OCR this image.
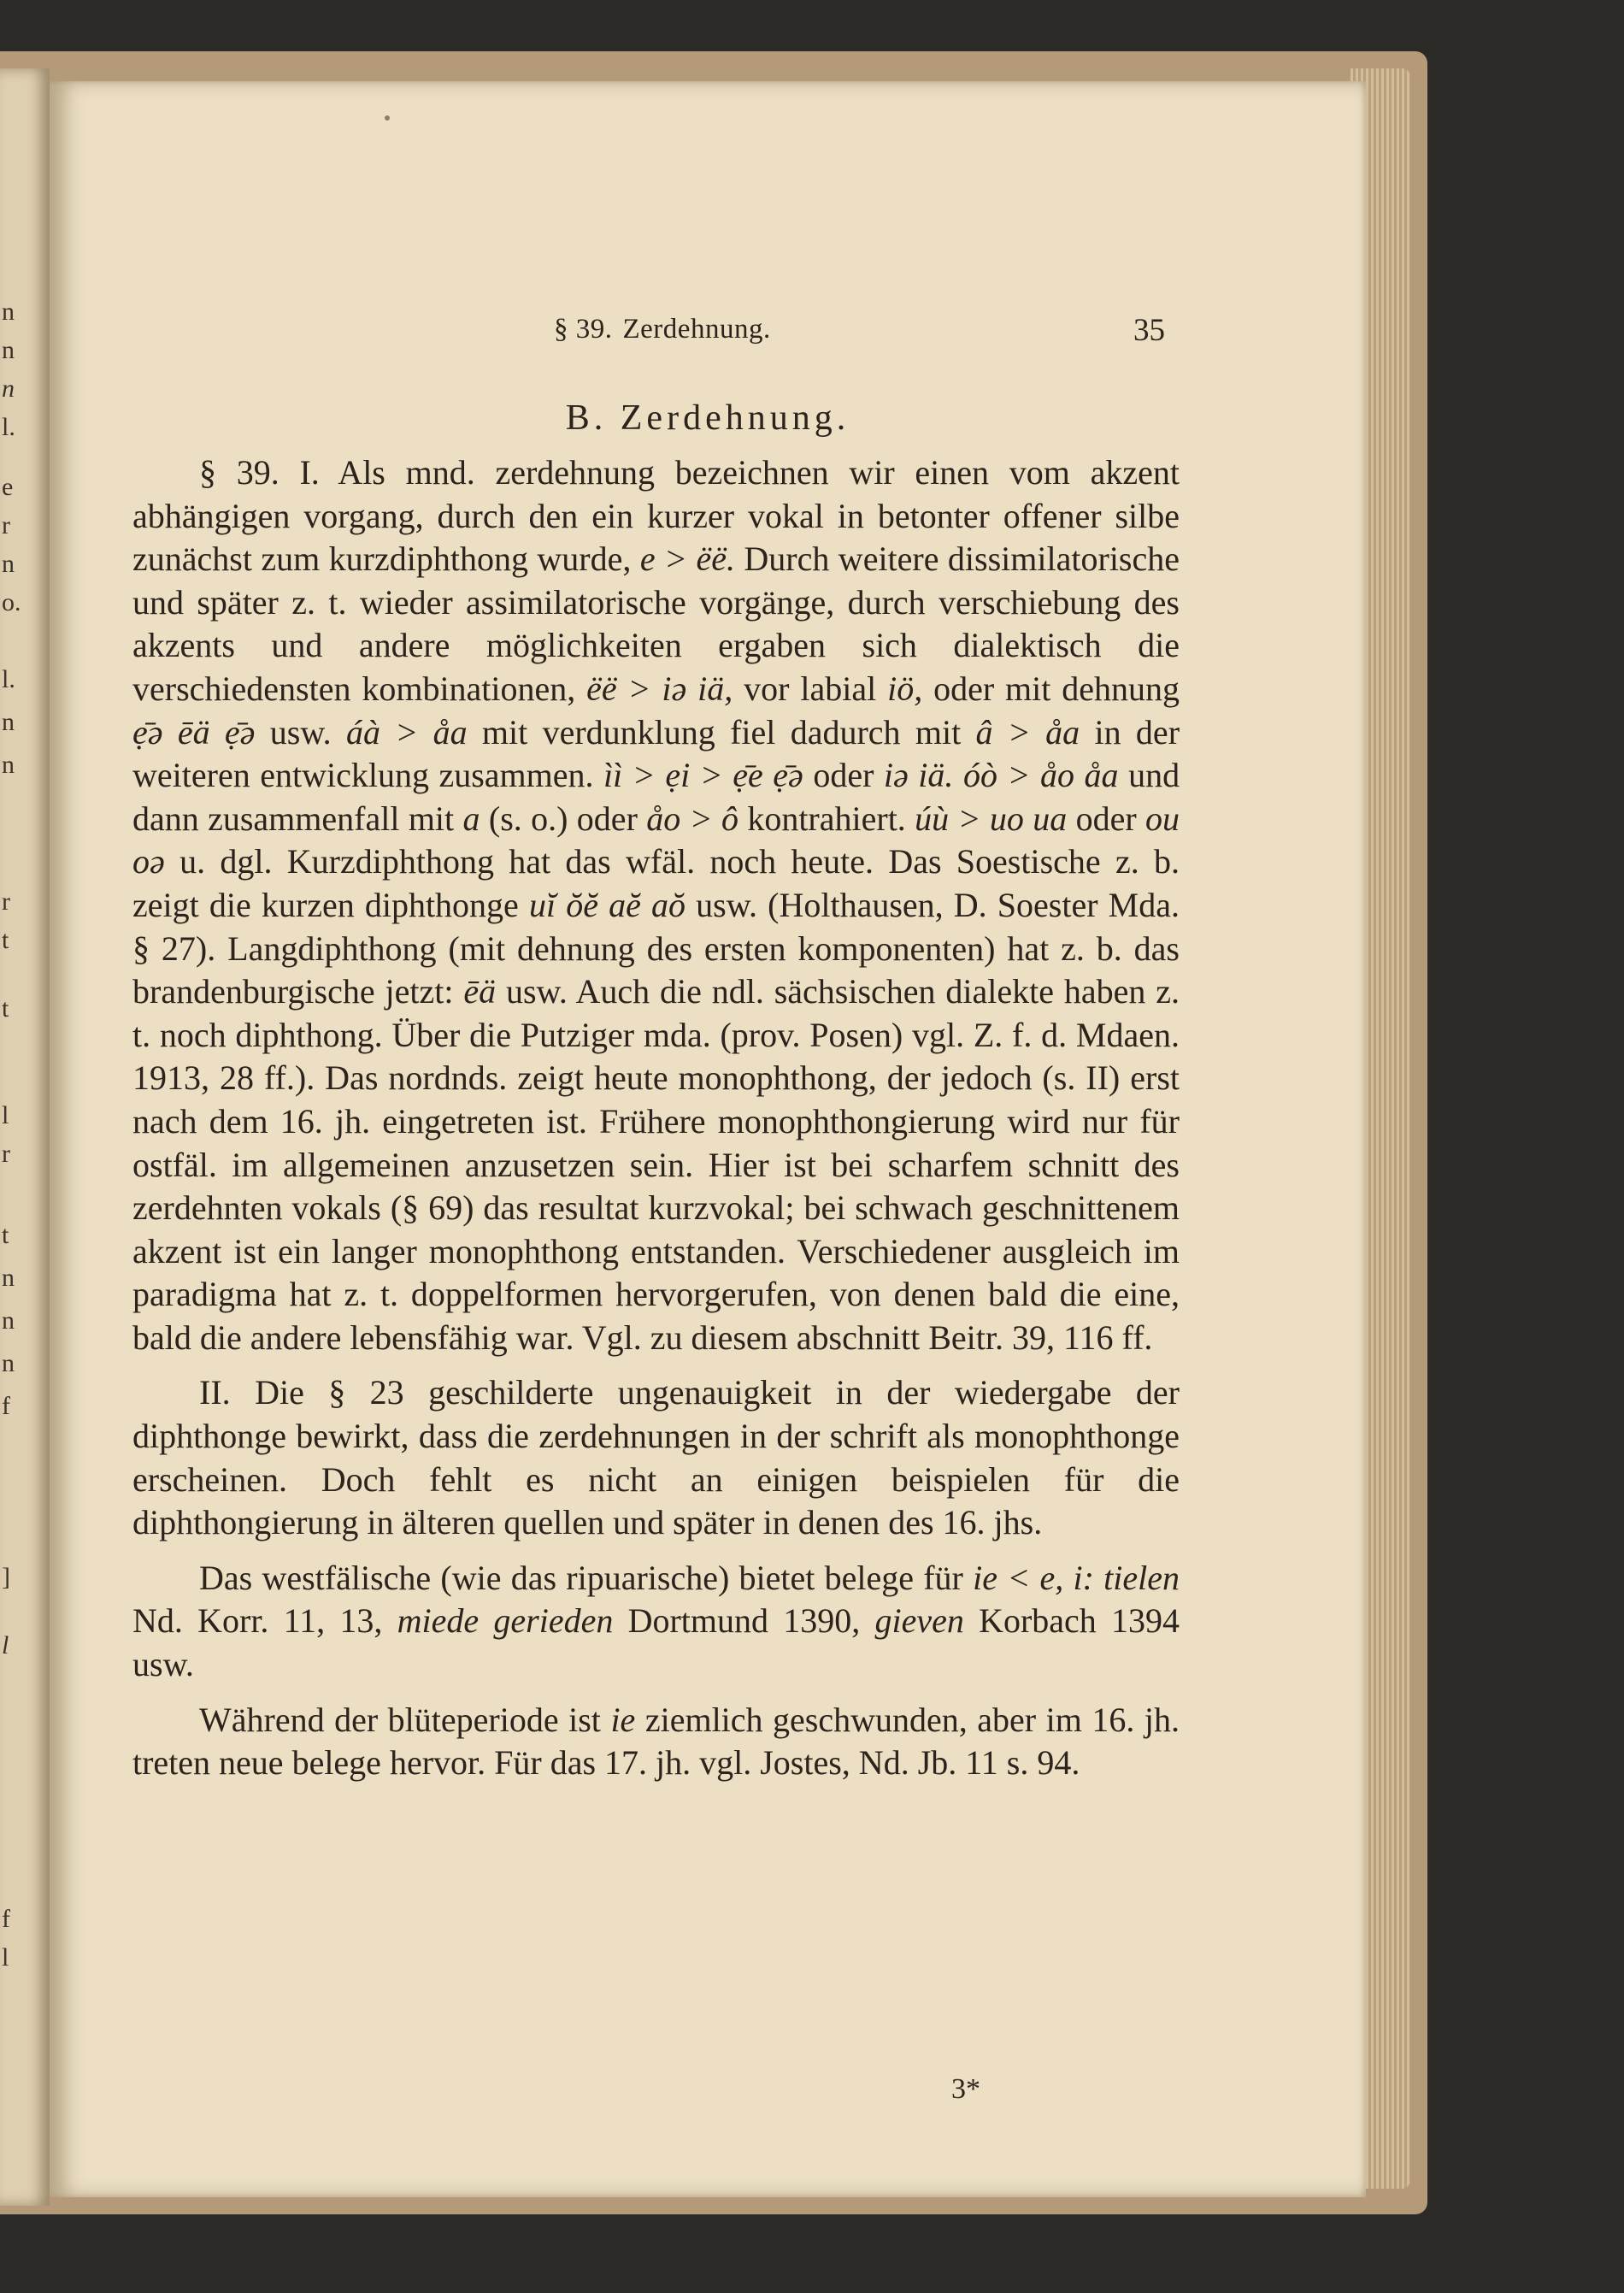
n
n
n
l.
e
r
n
o.
l.
n
n
r
t
t
l
r
t
n
n
n
f
]
l
f
l
§ 39. Zerdehnung.	35
B. Zerdehnung.

§ 39. I. Als mnd. zerdehnung bezeichnen wir einen vom akzent abhängigen vorgang, durch den ein kurzer vokal in betonter offener silbe zunächst zum kurzdiphthong wurde, e > ëë. Durch weitere dissimilatorische und später z. t. wieder assimilatorische vorgänge, durch verschiebung des akzents und andere möglichkeiten ergaben sich dialektisch die verschiedensten kombinationen, ëë > iə iä, vor labial iö, oder mit dehnung ẹ̄ə ēä ẹ̄ə usw. áà > åa mit verdunklung fiel dadurch mit â > åa in der weiteren entwicklung zusammen. ìì > ẹi > ẹ̄e ẹ̄ə oder iə iä. óò > åo åa und dann zusammenfall mit a (s. o.) oder åo > ô kontrahiert. úù > uo ua oder ou oə u. dgl. Kurzdiphthong hat das wfäl. noch heute. Das Soestische z. b. zeigt die kurzen diphthonge uĭ ŏĕ aĕ aŏ usw. (Holthausen, D. Soester Mda. § 27). Langdiphthong (mit dehnung des ersten komponenten) hat z. b. das brandenburgische jetzt: ēä usw. Auch die ndl. sächsischen dialekte haben z. t. noch diphthong. Über die Putziger mda. (prov. Posen) vgl. Z. f. d. Mdaen. 1913, 28 ff.). Das nordnds. zeigt heute monophthong, der jedoch (s. II) erst nach dem 16. jh. eingetreten ist. Frühere monophthongierung wird nur für ostfäl. im allgemeinen anzusetzen sein. Hier ist bei scharfem schnitt des zerdehnten vokals (§ 69) das resultat kurzvokal; bei schwach geschnittenem akzent ist ein langer monophthong entstanden. Verschiedener ausgleich im paradigma hat z. t. doppelformen hervorgerufen, von denen bald die eine, bald die andere lebensfähig war. Vgl. zu diesem abschnitt Beitr. 39, 116 ff.

II. Die § 23 geschilderte ungenauigkeit in der wiedergabe der diphthonge bewirkt, dass die zerdehnungen in der schrift als monophthonge erscheinen. Doch fehlt es nicht an einigen beispielen für die diphthongierung in älteren quellen und später in denen des 16. jhs.

Das westfälische (wie das ripuarische) bietet belege für ie < e, i: tielen Nd. Korr. 11, 13, miede gerieden Dortmund 1390, gieven Korbach 1394 usw.

Während der blüteperiode ist ie ziemlich geschwunden, aber im 16. jh. treten neue belege hervor. Für das 17. jh. vgl. Jostes, Nd. Jb. 11 s. 94.

3*
